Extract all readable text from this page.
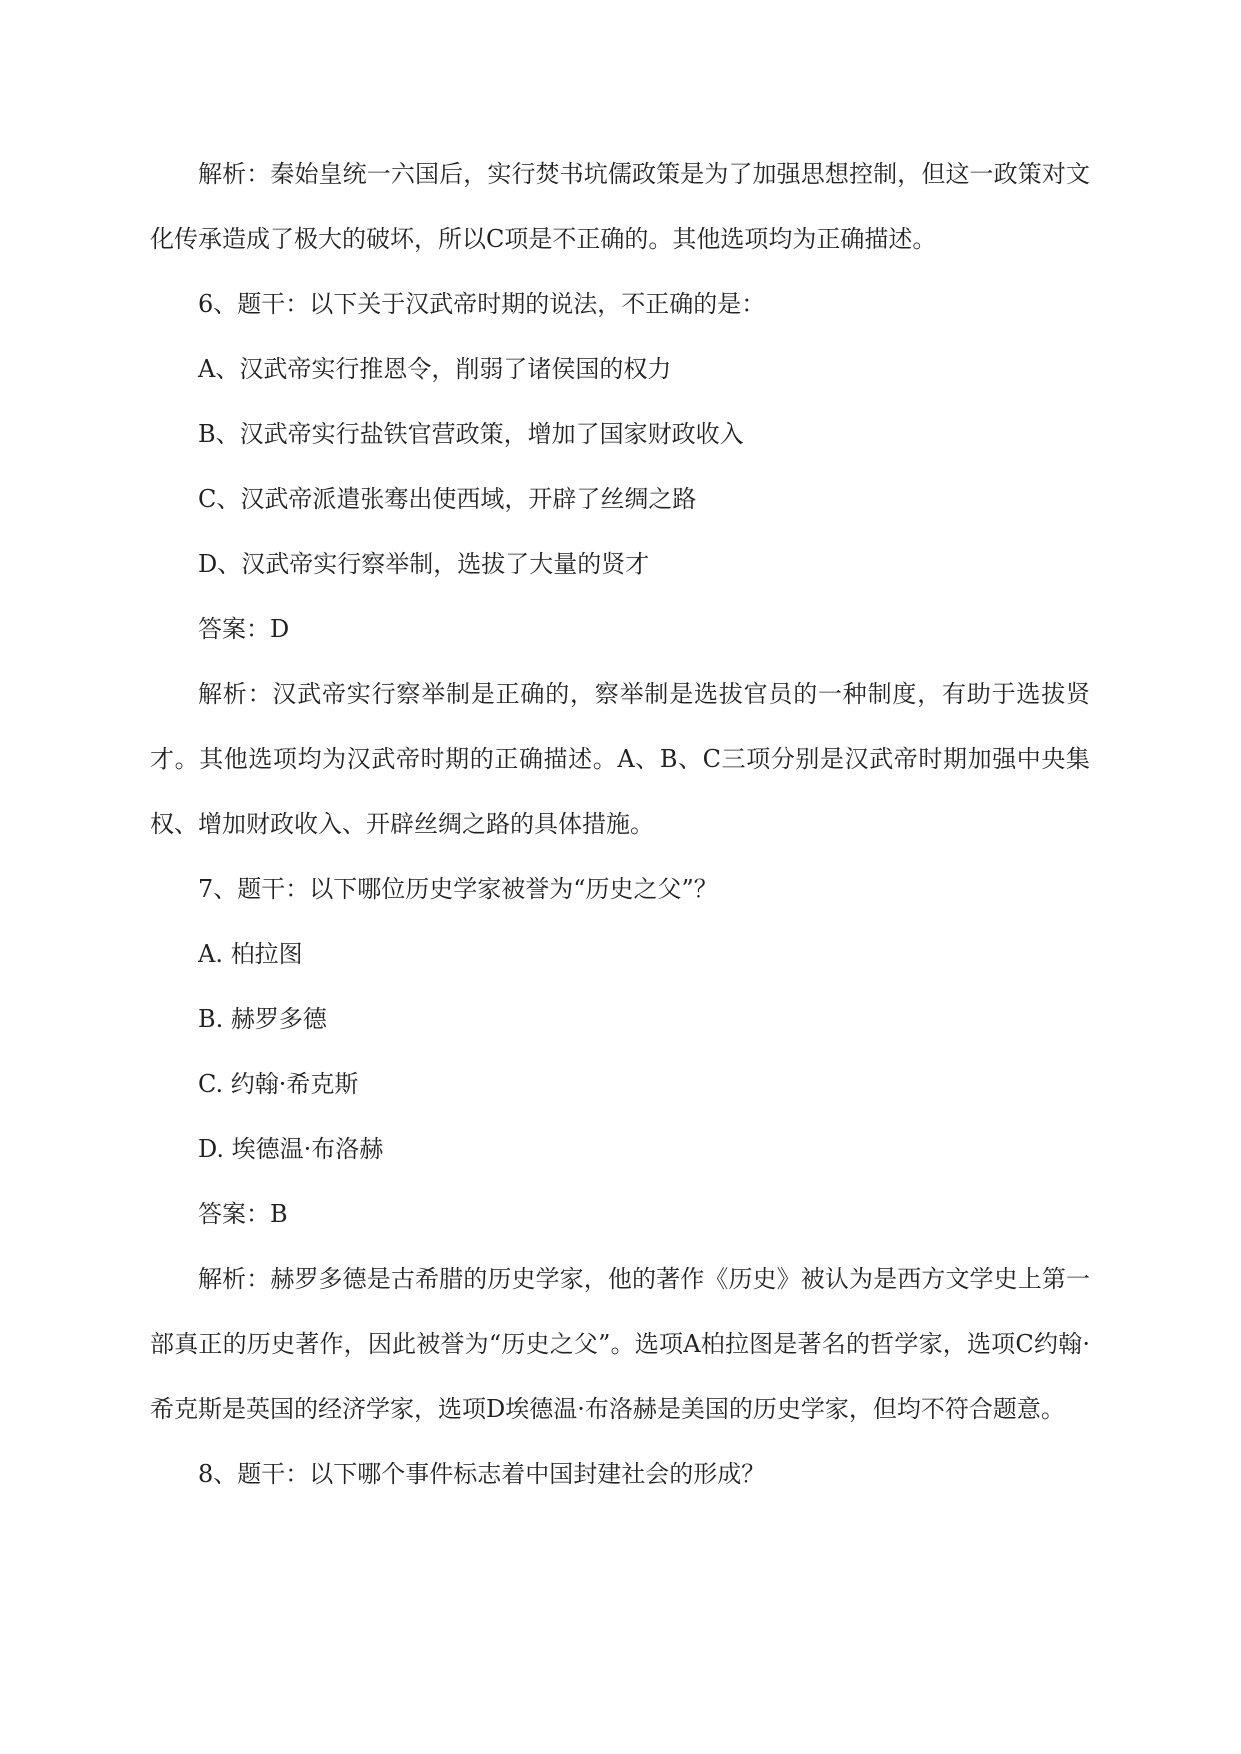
解析：秦始皇统一六国后，实行焚书坑儒政策是为了加强思想控制，但这一政策对文化传承造成了极大的破坏，所以C项是不正确的。其他选项均为正确描述。

6、题干：以下关于汉武帝时期的说法，不正确的是：

A、汉武帝实行推恩令，削弱了诸侯国的权力

B、汉武帝实行盐铁官营政策，增加了国家财政收入

C、汉武帝派遣张骞出使西域，开辟了丝绸之路

D、汉武帝实行察举制，选拔了大量的贤才

答案：D

解析：汉武帝实行察举制是正确的，察举制是选拔官员的一种制度，有助于选拔贤才。其他选项均为汉武帝时期的正确描述。A、B、C三项分别是汉武帝时期加强中央集权、增加财政收入、开辟丝绸之路的具体措施。

7、题干：以下哪位历史学家被誉为“历史之父”？

A. 柏拉图

B. 赫罗多德

C. 约翰·希克斯

D. 埃德温·布洛赫

答案：B

解析：赫罗多德是古希腊的历史学家，他的著作《历史》被认为是西方文学史上第一部真正的历史著作，因此被誉为“历史之父”。选项A柏拉图是著名的哲学家，选项C约翰·希克斯是英国的经济学家，选项D埃德温·布洛赫是美国的历史学家，但均不符合题意。

8、题干：以下哪个事件标志着中国封建社会的形成？
